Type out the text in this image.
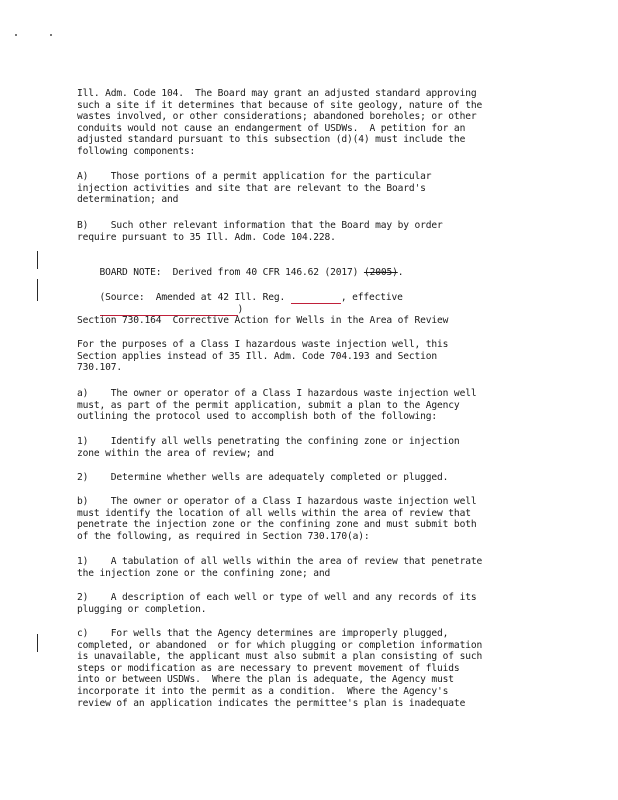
Ill. Adm. Code 104.  The Board may grant an adjusted standard approving
such a site if it determines that because of site geology, nature of the
wastes involved, or other considerations; abandoned boreholes; or other
conduits would not cause an endangerment of USDWs.  A petition for an
adjusted standard pursuant to this subsection (d)(4) must include the
following components:
A)    Those portions of a permit application for the particular
injection activities and site that are relevant to the Board's
determination; and
B)    Such other relevant information that the Board may by order
require pursuant to 35 Ill. Adm. Code 104.228.

BOARD NOTE:  Derived from 40 CFR 146.62 (2017) (2005).

(Source:  Amended at 42 Ill. Reg.	, effective

)

Section 730.164  Corrective Action for Wells in the Area of Review
For the purposes of a Class I hazardous waste injection well, this
Section applies instead of 35 Ill. Adm. Code 704.193 and Section
730.107.
a)    The owner or operator of a Class I hazardous waste injection well
must, as part of the permit application, submit a plan to the Agency
outlining the protocol used to accomplish both of the following:
1)    Identify all wells penetrating the confining zone or injection
zone within the area of review; and
2)    Determine whether wells are adequately completed or plugged.
b)    The owner or operator of a Class I hazardous waste injection well
must identify the location of all wells within the area of review that
penetrate the injection zone or the confining zone and must submit both
of the following, as required in Section 730.170(a):
1)    A tabulation of all wells within the area of review that penetrate
the injection zone or the confining zone; and
2)    A description of each well or type of well and any records of its
plugging or completion.
c)    For wells that the Agency determines are improperly plugged,
completed, or abandoned  or for which plugging or completion information
is unavailable, the applicant must also submit a plan consisting of such
steps or modification as are necessary to prevent movement of fluids
into or between USDWs.  Where the plan is adequate, the Agency must
incorporate it into the permit as a condition.  Where the Agency's
review of an application indicates the permittee's plan is inadequate
